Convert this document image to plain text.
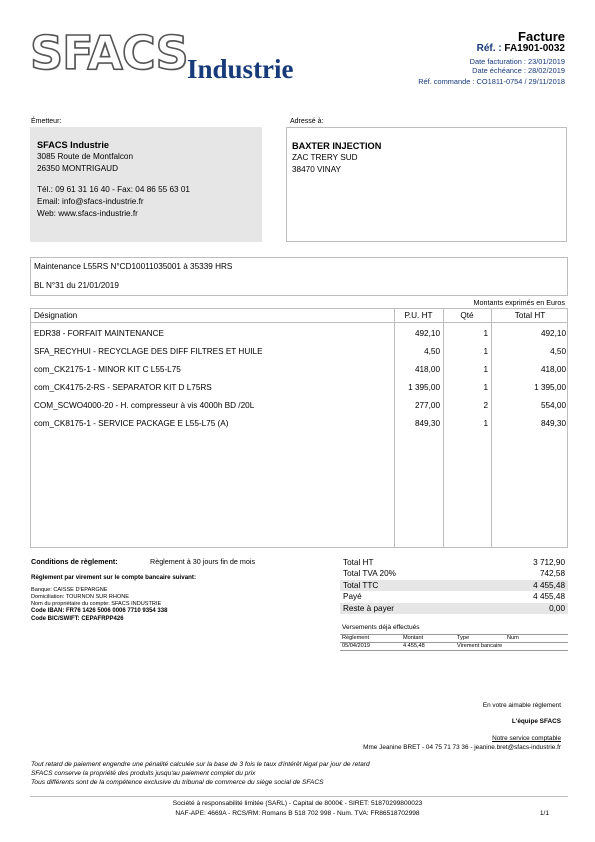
SFACS Industrie
Facture
Réf. : FA1901-0032
Date facturation : 23/01/2019
Date échéance : 28/02/2019
Réf. commande : CO1811-0754 / 29/11/2018
Émetteur:
SFACS Industrie
3085 Route de Montfalcon
26350 MONTRIGAUD
Tél.: 09 61 31 16 40 - Fax: 04 86 55 63 01
Email: info@sfacs-industrie.fr
Web: www.sfacs-industrie.fr
Adressé à:
BAXTER INJECTION
ZAC TRERY SUD
38470 VINAY
Maintenance L55RS N°CD10011035001 à 35339 HRS
BL N°31 du 21/01/2019
Montants exprimés en Euros
Désignation	P.U. HT	Qté	Total HT
EDR38 - FORFAIT MAINTENANCE	492,10	1	492,10
SFA_RECYHUI - RECYCLAGE DES DIFF FILTRES ET HUILE	4,50	1	4,50
com_CK2175-1 - MINOR KIT C L55-L75	418,00	1	418,00
com_CK4175-2-RS - SEPARATOR KIT D L75RS	1 395,00	1	1 395,00
COM_SCWO4000-20 - H. compresseur à vis 4000h BD /20L	277,00	2	554,00
com_CK8175-1 - SERVICE PACKAGE E L55-L75 (A)	849,30	1	849,30
Conditions de règlement:	Règlement à 30 jours fin de mois
Règlement par virement sur le compte bancaire suivant:
Banque: CAISSE D'EPARGNE
Domiciliation: TOURNON SUR RHONE
Nom du propriétaire du compte: SFACS INDUSTRIE
Code IBAN: FR76 1426 5006 0006 7710 9354 338
Code BIC/SWIFT: CEPAFRPP426
Total HT	3 712,90
Total TVA 20%	742,58
Total TTC	4 455,48
Payé	4 455,48
Reste à payer	0,00
Versements déjà effectués
Règlement	Montant	Type	Num
05/04/2019	4 455,48	Virement bancaire
En votre aimable règlement
L'équipe SFACS
Notre service comptable
Mme Jeanine BRET - 04 75 71 73 36 - jeanine.bret@sfacs-industrie.fr
Tout retard de paiement engendre une pénalité calculée sur la base de 3 fois le taux d'intérêt légal par jour de retard
SFACS conserve la propriété des produits jusqu'au paiement complet du prix
Tous différents sont de la compétence exclusive du tribunal de commerce du siège social de SFACS
Société à responsabilité limitée (SARL) - Capital de 8000€ - SIRET: 51870299800023
NAF-APE: 4669A - RCS/RM: Romans B 518 702 998 - Num. TVA: FR86518702998	1/1
